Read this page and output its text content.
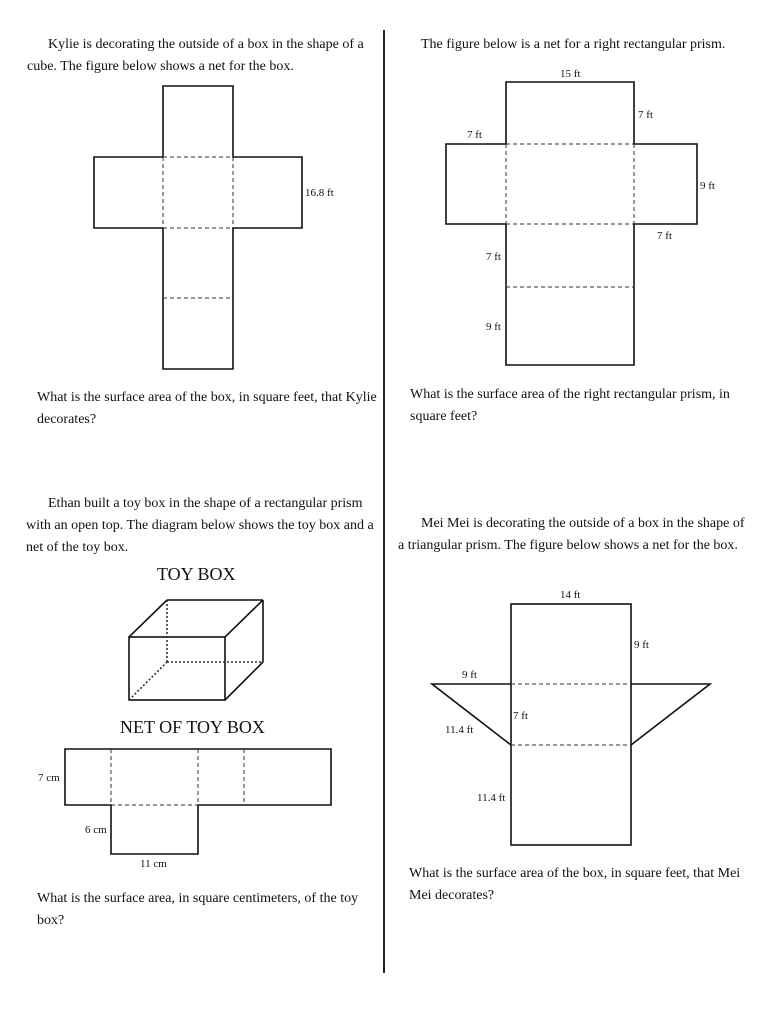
Kylie is decorating the outside of a box in the shape of a cube. The figure below shows a net for the box.
16.8 ft
What is the surface area of the box, in square feet, that Kylie decorates?
The figure below is a net for a right rectangular prism.
15 ft
7 ft
7 ft
9 ft
7 ft
7 ft
9 ft
What is the surface area of the right rectangular prism, in square feet?
Ethan built a toy box in the shape of a rectangular prism with an open top. The diagram below shows the toy box and a net of the toy box.
TOY BOX
NET OF TOY BOX
7 cm
6 cm
11 cm
What is the surface area, in square centimeters, of the toy box?
Mei Mei is decorating the outside of a box in the shape of a triangular prism. The figure below shows a net for the box.
14 ft
9 ft
9 ft
7 ft
11.4 ft
11.4 ft
What is the surface area of the box, in square feet, that Mei Mei decorates?
